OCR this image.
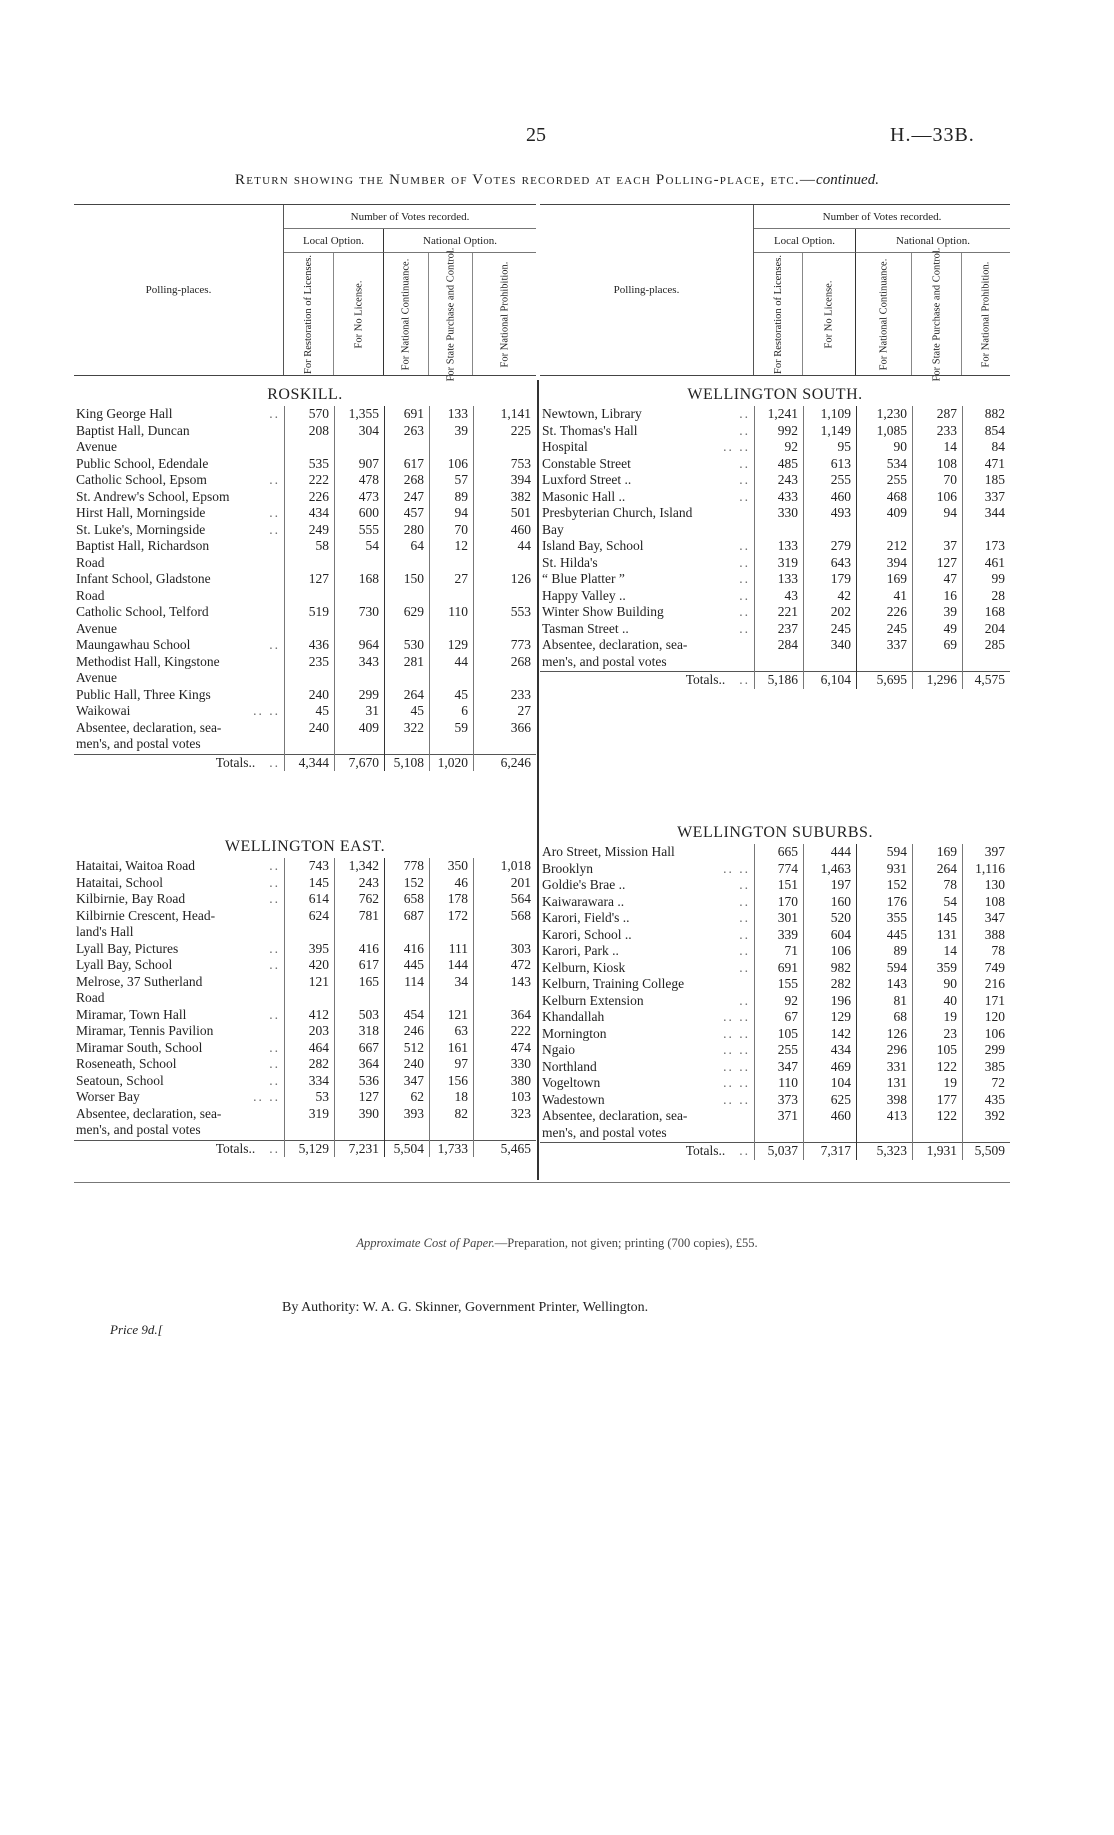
25	H.—33B.
Return showing the Number of Votes recorded at each Polling-place, etc.—continued.
Polling-places.
Number of Votes recorded.
Local Option.	National Option.
For Restoration of Licenses.	For No License.	For National Continuance.	For State Purchase and Control.	For National Prohibition.	Polling-places.
Number of Votes recorded.
Local Option.	National Option.
For Restoration of Licenses.	For No License.	For National Continuance.	For State Purchase and Control.	For National Prohibition.
ROSKILL.
King George Hall	..	570	1,355	691	133	1,141
Baptist Hall, Duncan	208	304	263	39	225
Avenue
Public School, Edendale	535	907	617	106	753
Catholic School, Epsom	..	222	478	268	57	394
St. Andrew's School, Epsom	226	473	247	89	382
Hirst Hall, Morningside	..	434	600	457	94	501
St. Luke's, Morningside	..	249	555	280	70	460
Baptist Hall, Richardson	58	54	64	12	44
Road
Infant School, Gladstone	127	168	150	27	126
Road
Catholic School, Telford	519	730	629	110	553
Avenue
Maungawhau School	..	436	964	530	129	773
Methodist Hall, Kingstone	235	343	281	44	268
Avenue
Public Hall, Three Kings	240	299	264	45	233
Waikowai	.. ..	45	31	45	6	27
Absentee, declaration, sea-	240	409	322	59	366
men's, and postal votes
Totals.. ..	4,344	7,670	5,108	1,020	6,246
WELLINGTON SOUTH.
Newtown, Library	..	1,241	1,109	1,230	287	882
St. Thomas's Hall	..	992	1,149	1,085	233	854
Hospital	.. ..	92	95	90	14	84
Constable Street	..	485	613	534	108	471
Luxford Street ..	..	243	255	255	70	185
Masonic Hall ..	..	433	460	468	106	337
Presbyterian Church, Island	330	493	409	94	344
Bay
Island Bay, School	..	133	279	212	37	173
St. Hilda's	..	319	643	394	127	461
“ Blue Platter ”	..	133	179	169	47	99
Happy Valley ..	..	43	42	41	16	28
Winter Show Building	..	221	202	226	39	168
Tasman Street ..	..	237	245	245	49	204
Absentee, declaration, sea-	284	340	337	69	285
men's, and postal votes
Totals.. ..	5,186	6,104	5,695	1,296	4,575
WELLINGTON EAST.
Hataitai, Waitoa Road	..	743	1,342	778	350	1,018
Hataitai, School	..	145	243	152	46	201
Kilbirnie, Bay Road	..	614	762	658	178	564
Kilbirnie Crescent, Head-	624	781	687	172	568
land's Hall
Lyall Bay, Pictures	..	395	416	416	111	303
Lyall Bay, School	..	420	617	445	144	472
Melrose, 37 Sutherland	121	165	114	34	143
Road
Miramar, Town Hall	..	412	503	454	121	364
Miramar, Tennis Pavilion	203	318	246	63	222
Miramar South, School	..	464	667	512	161	474
Roseneath, School	..	282	364	240	97	330
Seatoun, School	..	334	536	347	156	380
Worser Bay	.. ..	53	127	62	18	103
Absentee, declaration, sea-	319	390	393	82	323
men's, and postal votes
Totals.. ..	5,129	7,231	5,504	1,733	5,465
WELLINGTON SUBURBS.
Aro Street, Mission Hall	665	444	594	169	397
Brooklyn	.. ..	774	1,463	931	264	1,116
Goldie's Brae ..	..	151	197	152	78	130
Kaiwarawara ..	..	170	160	176	54	108
Karori, Field's ..	..	301	520	355	145	347
Karori, School ..	..	339	604	445	131	388
Karori, Park ..	..	71	106	89	14	78
Kelburn, Kiosk	..	691	982	594	359	749
Kelburn, Training College	155	282	143	90	216
Kelburn Extension	..	92	196	81	40	171
Khandallah	.. ..	67	129	68	19	120
Mornington	.. ..	105	142	126	23	106
Ngaio	.. ..	255	434	296	105	299
Northland	.. ..	347	469	331	122	385
Vogeltown	.. ..	110	104	131	19	72
Wadestown	.. ..	373	625	398	177	435
Absentee, declaration, sea-	371	460	413	122	392
men's, and postal votes
Totals.. ..	5,037	7,317	5,323	1,931	5,509
Approximate Cost of Paper.—Preparation, not given; printing (700 copies), £55.
By Authority: W. A. G. Skinner, Government Printer, Wellington.
Price 9d.[
